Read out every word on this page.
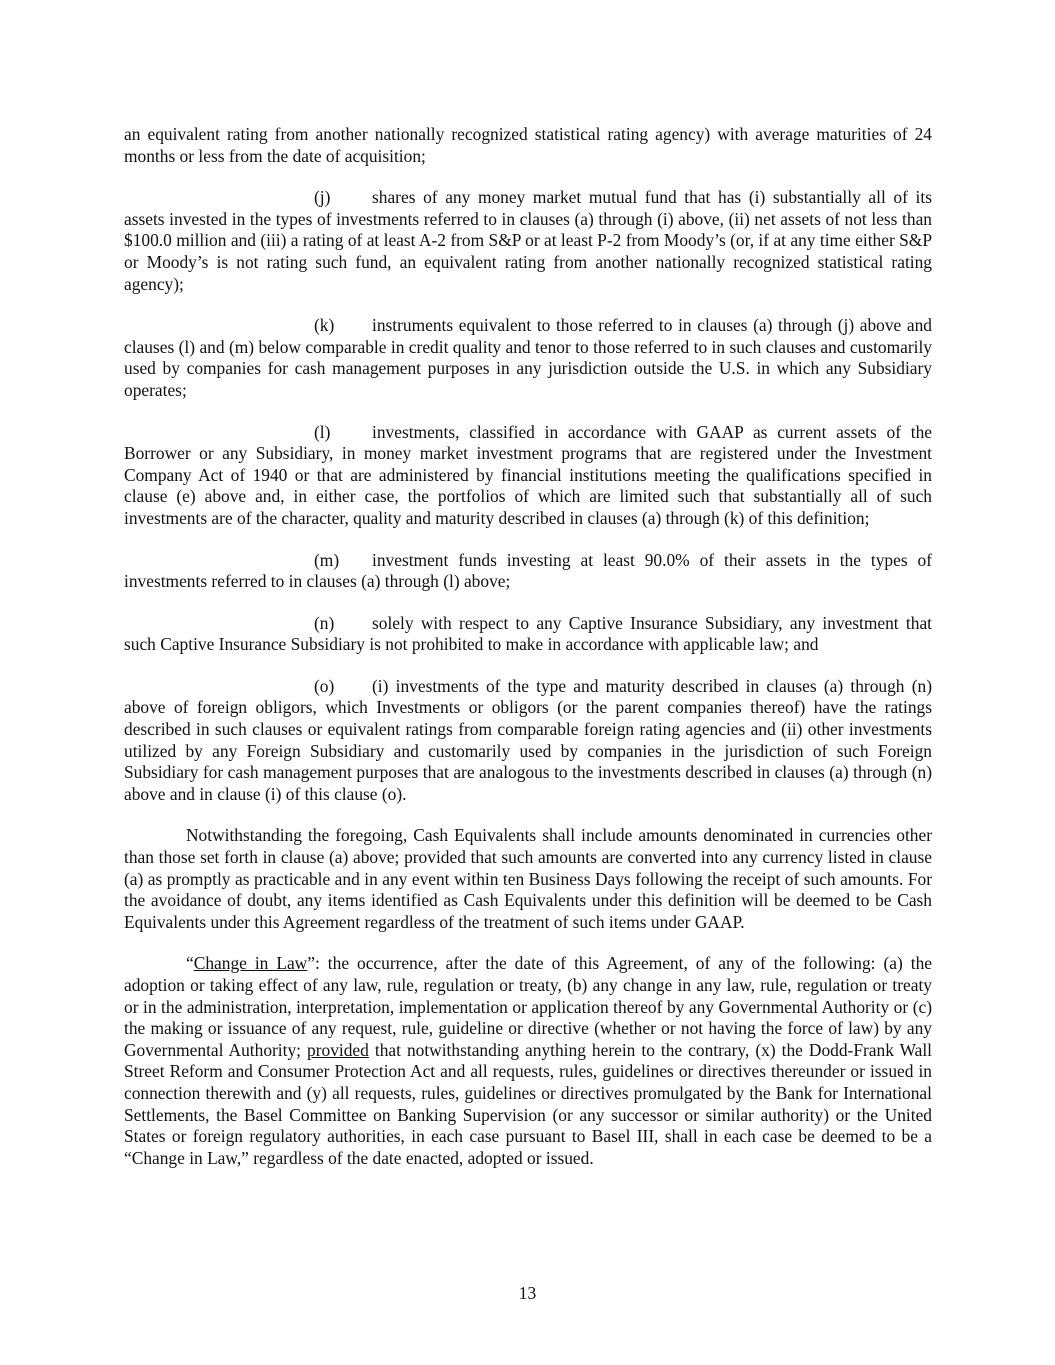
an equivalent rating from another nationally recognized statistical rating agency) with average maturities of 24 months or less from the date of acquisition;

(j) shares of any money market mutual fund that has (i) substantially all of its assets invested in the types of investments referred to in clauses (a) through (i) above, (ii) net assets of not less than $100.0 million and (iii) a rating of at least A-2 from S&P or at least P-2 from Moody’s (or, if at any time either S&P or Moody’s is not rating such fund, an equivalent rating from another nationally recognized statistical rating agency);

(k) instruments equivalent to those referred to in clauses (a) through (j) above and clauses (l) and (m) below comparable in credit quality and tenor to those referred to in such clauses and customarily used by companies for cash management purposes in any jurisdiction outside the U.S. in which any Subsidiary operates;

(l) investments, classified in accordance with GAAP as current assets of the Borrower or any Subsidiary, in money market investment programs that are registered under the Investment Company Act of 1940 or that are administered by financial institutions meeting the qualifications specified in clause (e) above and, in either case, the portfolios of which are limited such that substantially all of such investments are of the character, quality and maturity described in clauses (a) through (k) of this definition;

(m) investment funds investing at least 90.0% of their assets in the types of investments referred to in clauses (a) through (l) above;

(n) solely with respect to any Captive Insurance Subsidiary, any investment that such Captive Insurance Subsidiary is not prohibited to make in accordance with applicable law; and

(o) (i) investments of the type and maturity described in clauses (a) through (n) above of foreign obligors, which Investments or obligors (or the parent companies thereof) have the ratings described in such clauses or equivalent ratings from comparable foreign rating agencies and (ii) other investments utilized by any Foreign Subsidiary and customarily used by companies in the jurisdiction of such Foreign Subsidiary for cash management purposes that are analogous to the investments described in clauses (a) through (n) above and in clause (i) of this clause (o).

Notwithstanding the foregoing, Cash Equivalents shall include amounts denominated in currencies other than those set forth in clause (a) above; provided that such amounts are converted into any currency listed in clause (a) as promptly as practicable and in any event within ten Business Days following the receipt of such amounts. For the avoidance of doubt, any items identified as Cash Equivalents under this definition will be deemed to be Cash Equivalents under this Agreement regardless of the treatment of such items under GAAP.

“Change in Law”: the occurrence, after the date of this Agreement, of any of the following: (a) the adoption or taking effect of any law, rule, regulation or treaty, (b) any change in any law, rule, regulation or treaty or in the administration, interpretation, implementation or application thereof by any Governmental Authority or (c) the making or issuance of any request, rule, guideline or directive (whether or not having the force of law) by any Governmental Authority; provided that notwithstanding anything herein to the contrary, (x) the Dodd-Frank Wall Street Reform and Consumer Protection Act and all requests, rules, guidelines or directives thereunder or issued in connection therewith and (y) all requests, rules, guidelines or directives promulgated by the Bank for International Settlements, the Basel Committee on Banking Supervision (or any successor or similar authority) or the United States or foreign regulatory authorities, in each case pursuant to Basel III, shall in each case be deemed to be a “Change in Law,” regardless of the date enacted, adopted or issued.

13
